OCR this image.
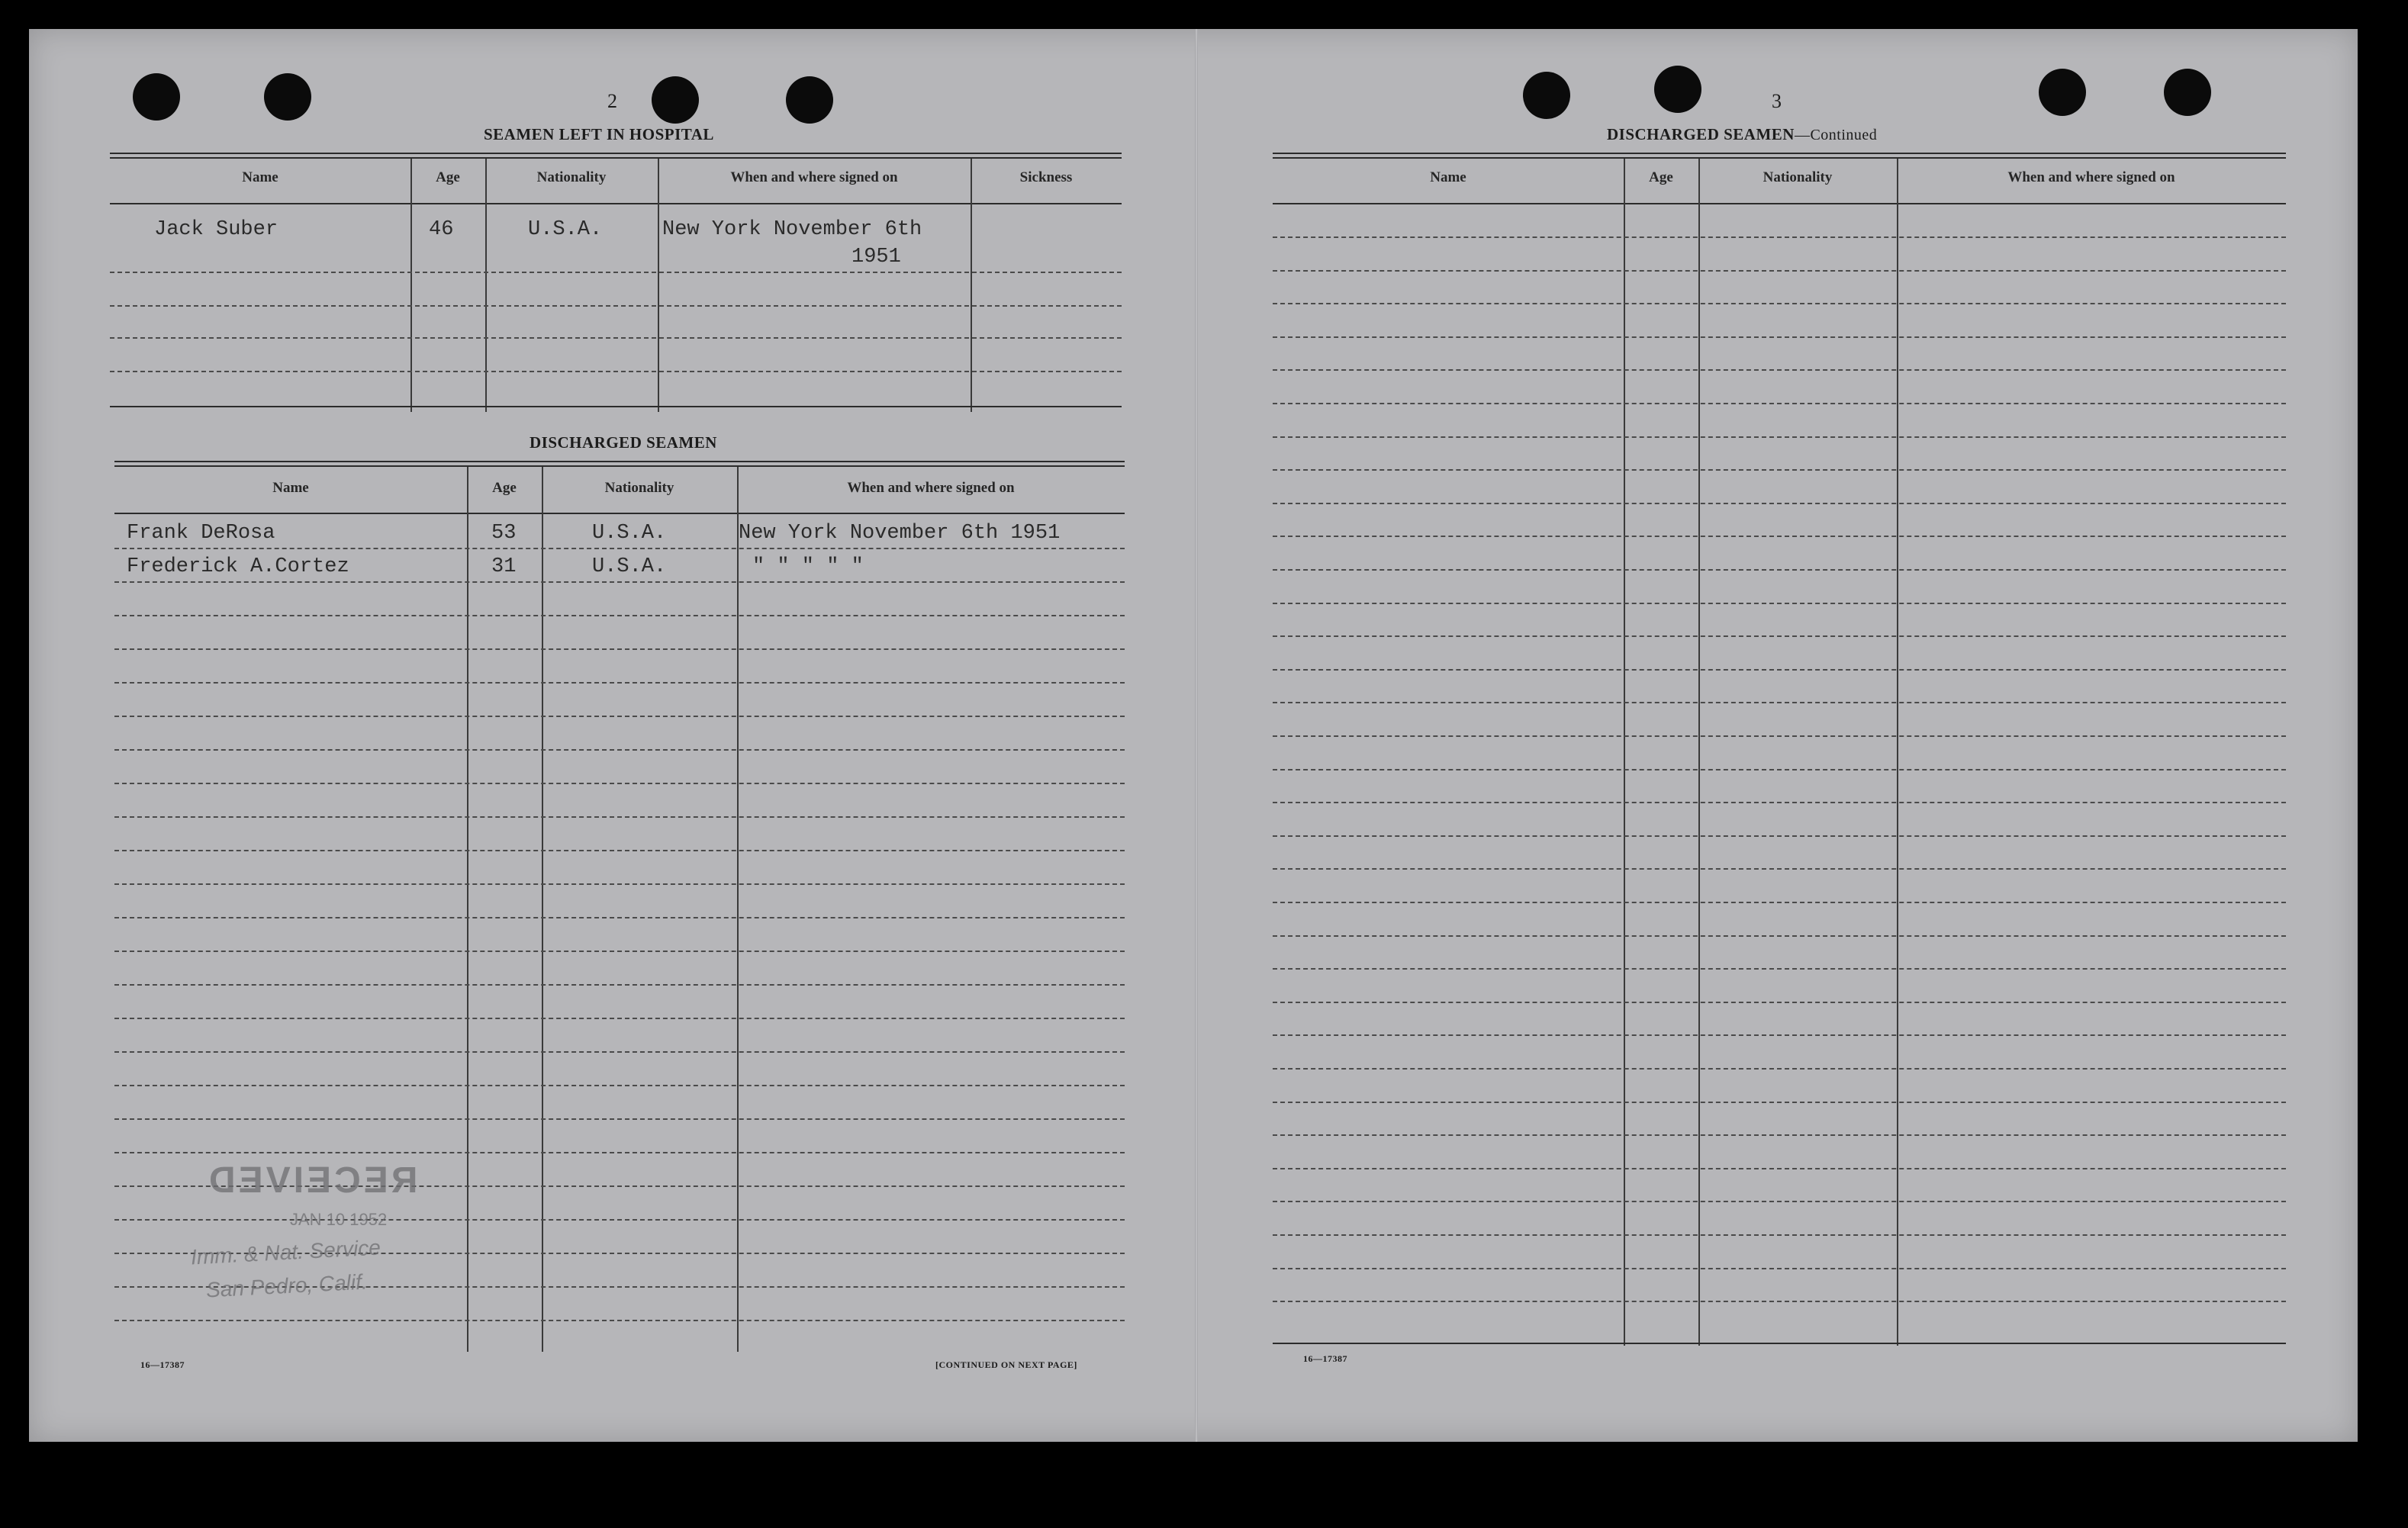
2
SEAMEN LEFT IN HOSPITAL
Name	Age	Nationality	When and where signed on	Sickness
Jack Suber	46	U.S.A.	New York November 6th
1951
DISCHARGED SEAMEN
Name	Age	Nationality	When and where signed on
Frank DeRosa	53	U.S.A.	New York November 6th 1951
Frederick A.Cortez	31	U.S.A.	" " " " "
RECEIVED
JAN 10 1952
Imm. & Nat. Service
San Pedro, Calif.
16—17387	[CONTINUED ON NEXT PAGE]
3
DISCHARGED SEAMEN—Continued
Name	Age	Nationality	When and where signed on
16—17387
